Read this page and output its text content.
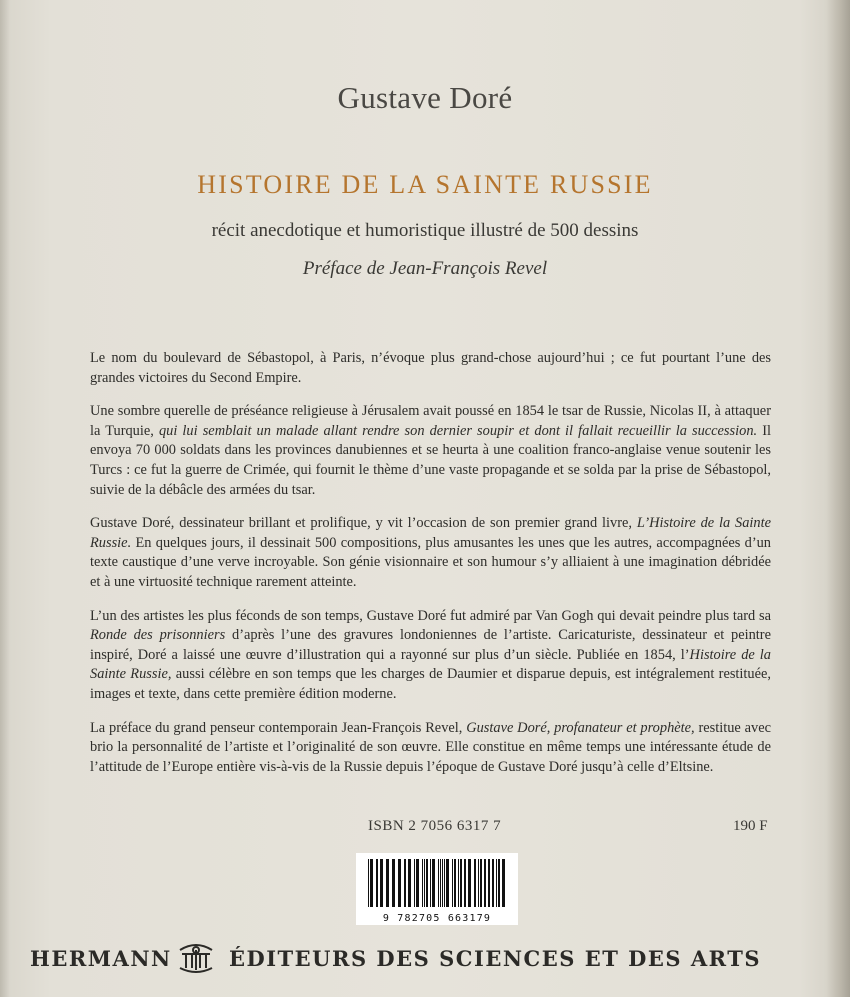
Gustave Doré
HISTOIRE DE LA SAINTE RUSSIE
récit anecdotique et humoristique illustré de 500 dessins
Préface de Jean-François Revel

Le nom du boulevard de Sébastopol, à Paris, n’évoque plus grand-chose aujourd’hui ; ce fut pourtant l’une des grandes victoires du Second Empire.

Une sombre querelle de préséance religieuse à Jérusalem avait poussé en 1854 le tsar de Russie, Nicolas II, à attaquer la Turquie, qui lui semblait un malade allant rendre son dernier soupir et dont il fallait recueillir la succession. Il envoya 70 000 soldats dans les provinces danubiennes et se heurta à une coalition franco-anglaise venue soutenir les Turcs : ce fut la guerre de Crimée, qui fournit le thème d’une vaste propagande et se solda par la prise de Sébastopol, suivie de la débâcle des armées du tsar.

Gustave Doré, dessinateur brillant et prolifique, y vit l’occasion de son premier grand livre, L’Histoire de la Sainte Russie. En quelques jours, il dessinait 500 compositions, plus amusantes les unes que les autres, accompagnées d’un texte caustique d’une verve incroyable. Son génie visionnaire et son humour s’y alliaient à une imagination débridée et à une virtuosité technique rarement atteinte.

L’un des artistes les plus féconds de son temps, Gustave Doré fut admiré par Van Gogh qui devait peindre plus tard sa Ronde des prisonniers d’après l’une des gravures londoniennes de l’artiste. Caricaturiste, dessinateur et peintre inspiré, Doré a laissé une œuvre d’illustration qui a rayonné sur plus d’un siècle. Publiée en 1854, l’Histoire de la Sainte Russie, aussi célèbre en son temps que les charges de Daumier et disparue depuis, est intégralement restituée, images et texte, dans cette première édition moderne.

La préface du grand penseur contemporain Jean-François Revel, Gustave Doré, profanateur et prophète, restitue avec brio la personnalité de l’artiste et l’originalité de son œuvre. Elle constitue en même temps une intéressante étude de l’attitude de l’Europe entière vis-à-vis de la Russie depuis l’époque de Gustave Doré jusqu’à celle d’Eltsine.

ISBN 2 7056 6317 7	190 F
9 782705 663179
HERMANN	ÉDITEURS DES SCIENCES ET DES ARTS
